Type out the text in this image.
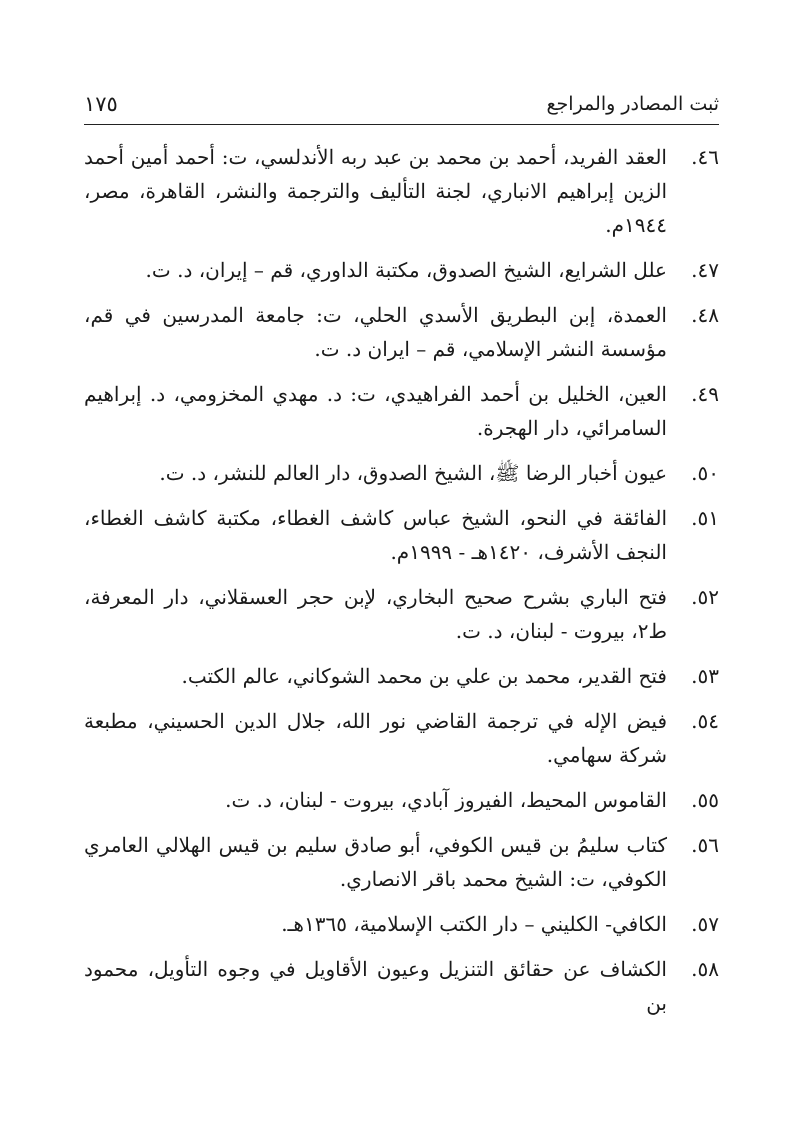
١٧٥	ثبت المصادر والمراجع
٤٦.
العقد الفريد، أحمد بن محمد بن عبد ربه الأندلسي، ت: أحمد أمين أحمد الزين إبراهيم الانباري، لجنة التأليف والترجمة والنشر، القاهرة، مصر، ١٩٤٤م.
٤٧.
علل الشرايع، الشيخ الصدوق، مكتبة الداوري، قم – إيران، د. ت.
٤٨.
العمدة، إبن البطريق الأسدي الحلي، ت: جامعة المدرسين في قم، مؤسسة النشر الإسلامي، قم – ايران د. ت.
٤٩.
العين، الخليل بن أحمد الفراهيدي، ت: د. مهدي المخزومي، د. إبراهيم السامرائي، دار الهجرة.
٥٠.
عيون أخبار الرضا ﷺ، الشيخ الصدوق، دار العالم للنشر، د. ت.
٥١.
الفائقة في النحو، الشيخ عباس كاشف الغطاء، مكتبة كاشف الغطاء، النجف الأشرف، ١٤٢٠هـ - ١٩٩٩م.
٥٢.
فتح الباري بشرح صحيح البخاري، لإبن حجر العسقلاني، دار المعرفة، ط٢، بيروت - لبنان، د. ت.
٥٣.
فتح القدير، محمد بن علي بن محمد الشوكاني، عالم الكتب.
٥٤.
فيض الإله في ترجمة القاضي نور الله، جلال الدين الحسيني، مطبعة شركة سهامي.
٥٥.
القاموس المحيط، الفيروز آبادي، بيروت - لبنان، د. ت.
٥٦.
كتاب سليمُ بن قيس الكوفي، أبو صادق سليم بن قيس الهلالي العامري الكوفي، ت: الشيخ محمد باقر الانصاري.
٥٧.
الكافي- الكليني – دار الكتب الإسلامية، ١٣٦٥هـ.
٥٨.
الكشاف عن حقائق التنزيل وعيون الأقاويل في وجوه التأويل، محمود بن
